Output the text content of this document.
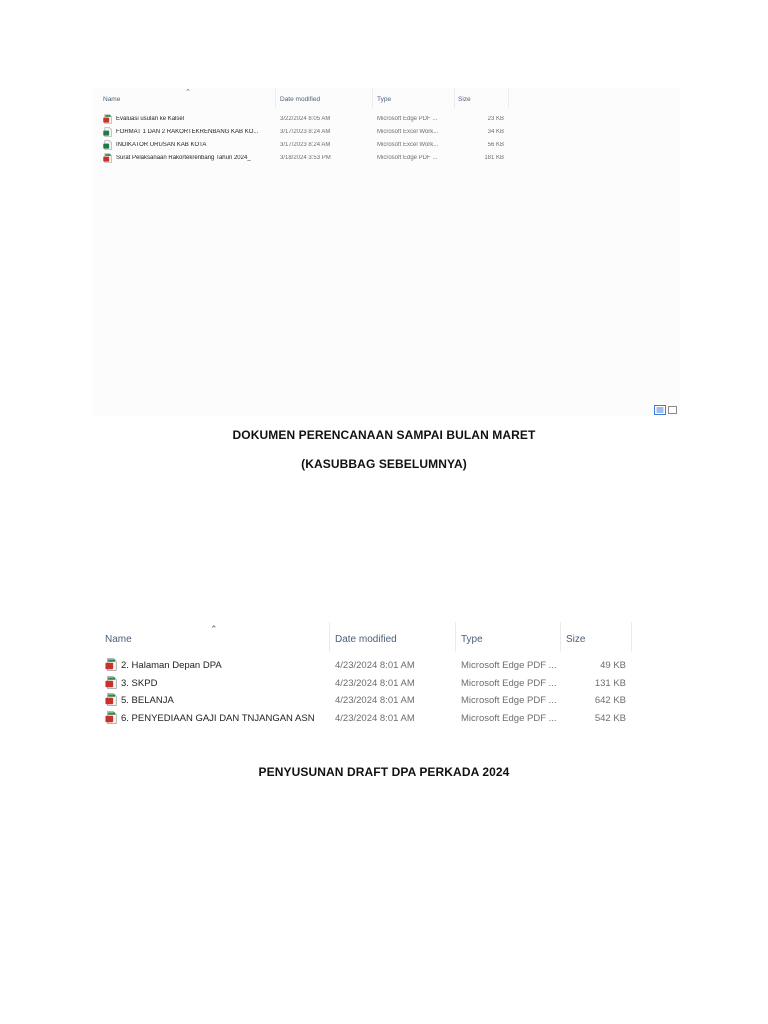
⌃
Name	Date modified	Type	Size
Evaluasi usulan ke Kalsel	3/22/2024 8:05 AM	Microsoft Edge PDF ...	23 KB
FORMAT 1 DAN 2 RAKORTEKRENBANG KAB KO...	3/17/2023 8:24 AM	Microsoft Excel Work...	34 KB
INDIKATOR URUSAN KAB KOTA	3/17/2023 8:24 AM	Microsoft Excel Work...	56 KB
Surat Pelaksanaan Rakortekrenbang Tahun 2024_	3/18/2024 3:53 PM	Microsoft Edge PDF ...	181 KB
DOKUMEN PERENCANAAN SAMPAI BULAN MARET
(KASUBBAG SEBELUMNYA)
⌃
Name	Date modified	Type	Size
2. Halaman Depan DPA	4/23/2024 8:01 AM	Microsoft Edge PDF ...	49 KB
3. SKPD	4/23/2024 8:01 AM	Microsoft Edge PDF ...	131 KB
5. BELANJA	4/23/2024 8:01 AM	Microsoft Edge PDF ...	642 KB
6. PENYEDIAAN GAJI DAN TNJANGAN ASN	4/23/2024 8:01 AM	Microsoft Edge PDF ...	542 KB
PENYUSUNAN DRAFT DPA PERKADA 2024
